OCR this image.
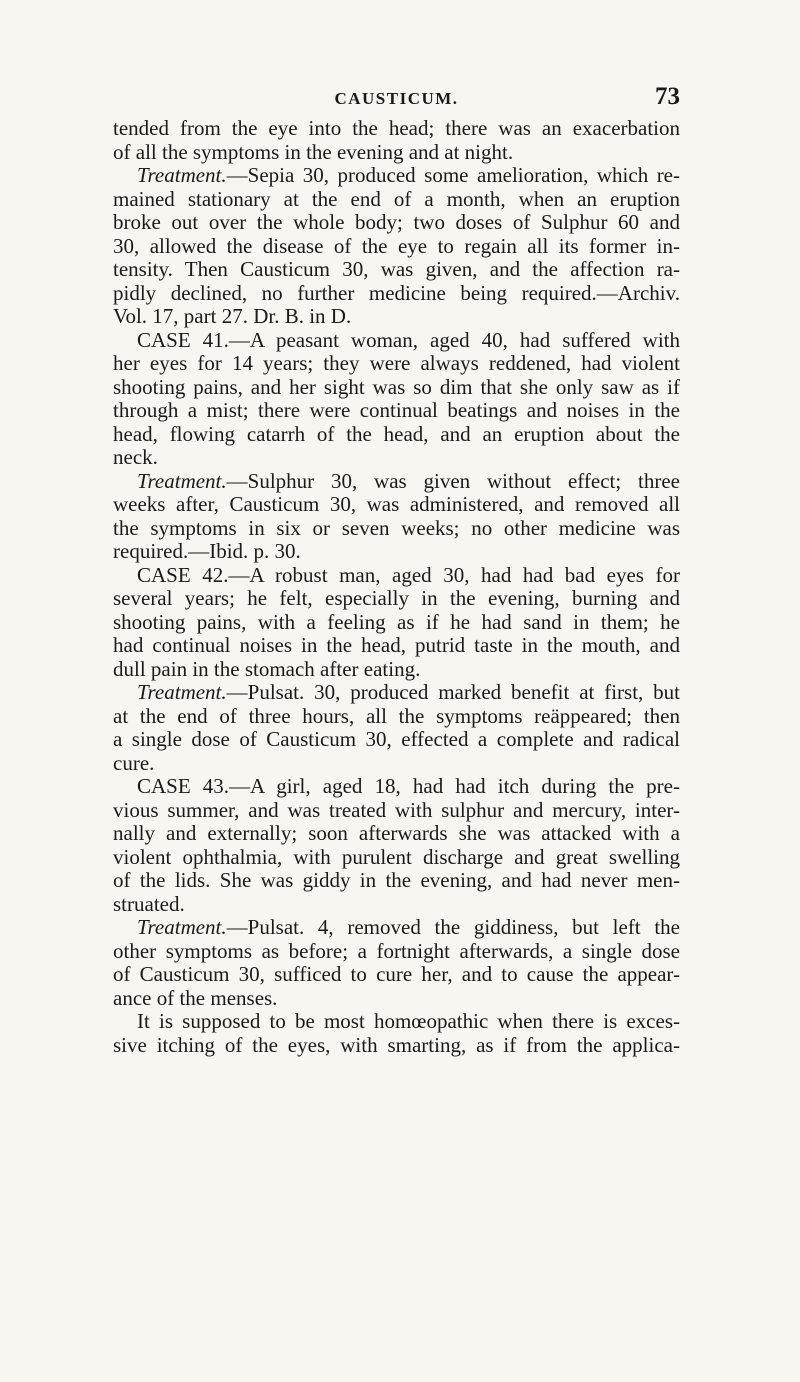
CAUSTICUM.	73
tended from the eye into the head; there was an exacerbation
of all the symptoms in the evening and at night.
Treatment.—Sepia 30, produced some amelioration, which re-
mained stationary at the end of a month, when an eruption
broke out over the whole body; two doses of Sulphur 60 and
30, allowed the disease of the eye to regain all its former in-
tensity. Then Causticum 30, was given, and the affection ra-
pidly declined, no further medicine being required.—Archiv.
Vol. 17, part 27. Dr. B. in D.
CASE 41.—A peasant woman, aged 40, had suffered with
her eyes for 14 years; they were always reddened, had violent
shooting pains, and her sight was so dim that she only saw as if
through a mist; there were continual beatings and noises in the
head, flowing catarrh of the head, and an eruption about the
neck.
Treatment.—Sulphur 30, was given without effect; three
weeks after, Causticum 30, was administered, and removed all
the symptoms in six or seven weeks; no other medicine was
required.—Ibid. p. 30.
CASE 42.—A robust man, aged 30, had had bad eyes for
several years; he felt, especially in the evening, burning and
shooting pains, with a feeling as if he had sand in them; he
had continual noises in the head, putrid taste in the mouth, and
dull pain in the stomach after eating.
Treatment.—Pulsat. 30, produced marked benefit at first, but
at the end of three hours, all the symptoms reäppeared; then
a single dose of Causticum 30, effected a complete and radical
cure.
CASE 43.—A girl, aged 18, had had itch during the pre-
vious summer, and was treated with sulphur and mercury, inter-
nally and externally; soon afterwards she was attacked with a
violent ophthalmia, with purulent discharge and great swelling
of the lids. She was giddy in the evening, and had never men-
struated.
Treatment.—Pulsat. 4, removed the giddiness, but left the
other symptoms as before; a fortnight afterwards, a single dose
of Causticum 30, sufficed to cure her, and to cause the appear-
ance of the menses.
It is supposed to be most homœopathic when there is exces-
sive itching of the eyes, with smarting, as if from the applica-
